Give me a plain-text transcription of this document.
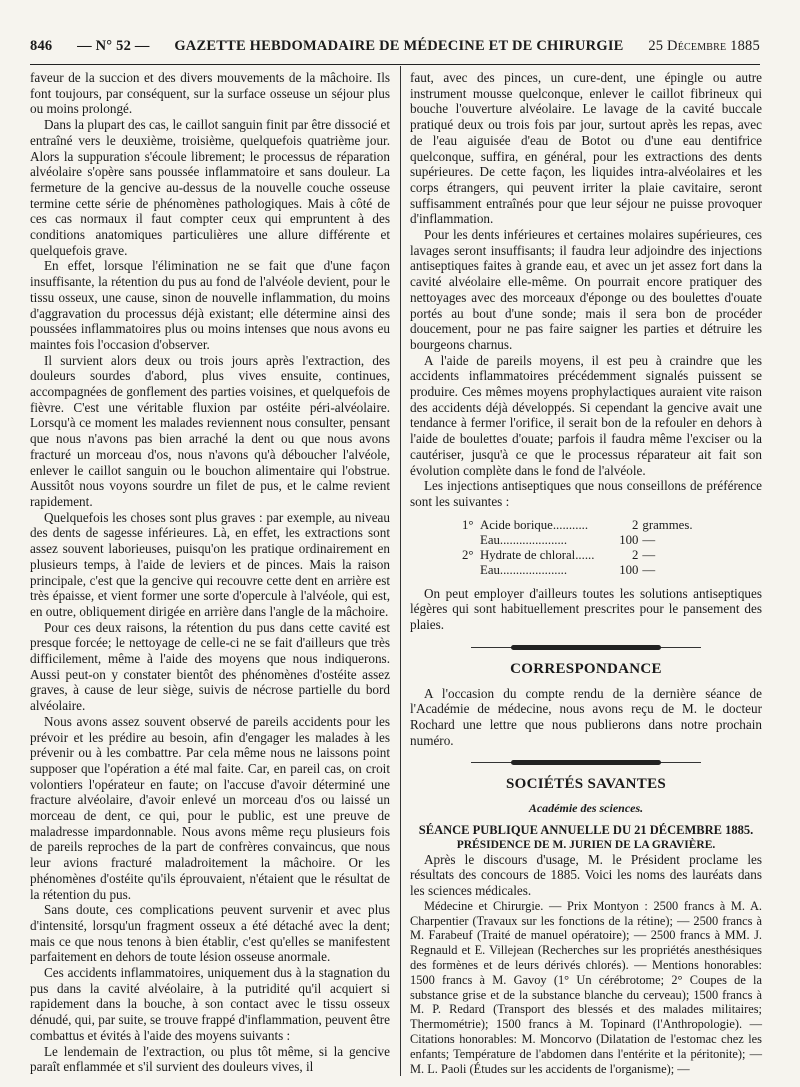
846 — N° 52 — GAZETTE HEBDOMADAIRE DE MÉDECINE ET DE CHIRURGIE 25 Décembre 1885

faveur de la succion et des divers mouvements de la mâchoire. Ils font toujours, par conséquent, sur la surface osseuse un séjour plus ou moins prolongé.

Dans la plupart des cas, le caillot sanguin finit par être dissocié et entraîné vers le deuxième, troisième, quelquefois quatrième jour. Alors la suppuration s'écoule librement; le processus de réparation alvéolaire s'opère sans poussée inflammatoire et sans douleur. La fermeture de la gencive au-dessus de la nouvelle couche osseuse termine cette série de phénomènes pathologiques. Mais à côté de ces cas normaux il faut compter ceux qui empruntent à des conditions anatomiques particulières une allure différente et quelquefois grave.

En effet, lorsque l'élimination ne se fait que d'une façon insuffisante, la rétention du pus au fond de l'alvéole devient, pour le tissu osseux, une cause, sinon de nouvelle inflammation, du moins d'aggravation du processus déjà existant; elle détermine ainsi des poussées inflammatoires plus ou moins intenses que nous avons eu maintes fois l'occasion d'observer.

Il survient alors deux ou trois jours après l'extraction, des douleurs sourdes d'abord, plus vives ensuite, continues, accompagnées de gonflement des parties voisines, et quelquefois de fièvre. C'est une véritable fluxion par ostéite péri-alvéolaire. Lorsqu'à ce moment les malades reviennent nous consulter, pensant que nous n'avons pas bien arraché la dent ou que nous avons fracturé un morceau d'os, nous n'avons qu'à déboucher l'alvéole, enlever le caillot sanguin ou le bouchon alimentaire qui l'obstrue. Aussitôt nous voyons sourdre un filet de pus, et le calme revient rapidement.

Quelquefois les choses sont plus graves : par exemple, au niveau des dents de sagesse inférieures. Là, en effet, les extractions sont assez souvent laborieuses, puisqu'on les pratique ordinairement en plusieurs temps, à l'aide de leviers et de pinces. Mais la raison principale, c'est que la gencive qui recouvre cette dent en arrière est très épaisse, et vient former une sorte d'opercule à l'alvéole, qui est, en outre, obliquement dirigée en arrière dans l'angle de la mâchoire.

Pour ces deux raisons, la rétention du pus dans cette cavité est presque forcée; le nettoyage de celle-ci ne se fait d'ailleurs que très difficilement, même à l'aide des moyens que nous indiquerons. Aussi peut-on y constater bientôt des phénomènes d'ostéite assez graves, à cause de leur siège, suivis de nécrose partielle du bord alvéolaire.

Nous avons assez souvent observé de pareils accidents pour les prévoir et les prédire au besoin, afin d'engager les malades à les prévenir ou à les combattre. Par cela même nous ne laissons point supposer que l'opération a été mal faite. Car, en pareil cas, on croit volontiers l'opérateur en faute; on l'accuse d'avoir déterminé une fracture alvéolaire, d'avoir enlevé un morceau d'os ou laissé un morceau de dent, ce qui, pour le public, est une preuve de maladresse impardonnable. Nous avons même reçu plusieurs fois de pareils reproches de la part de confrères convaincus, que nous leur avions fracturé maladroitement la mâchoire. Or les phénomènes d'ostéite qu'ils éprouvaient, n'étaient que le résultat de la rétention du pus.

Sans doute, ces complications peuvent survenir et avec plus d'intensité, lorsqu'un fragment osseux a été détaché avec la dent; mais ce que nous tenons à bien établir, c'est qu'elles se manifestent parfaitement en dehors de toute lésion osseuse anormale.

Ces accidents inflammatoires, uniquement dus à la stagnation du pus dans la cavité alvéolaire, à la putridité qu'il acquiert si rapidement dans la bouche, à son contact avec le tissu osseux dénudé, qui, par suite, se trouve frappé d'inflammation, peuvent être combattus et évités à l'aide des moyens suivants :

Le lendemain de l'extraction, ou plus tôt même, si la gencive paraît enflammée et s'il survient des douleurs vives, il

faut, avec des pinces, un cure-dent, une épingle ou autre instrument mousse quelconque, enlever le caillot fibrineux qui bouche l'ouverture alvéolaire. Le lavage de la cavité buccale pratiqué deux ou trois fois par jour, surtout après les repas, avec de l'eau aiguisée d'eau de Botot ou d'une eau dentifrice quelconque, suffira, en général, pour les extractions des dents supérieures. De cette façon, les liquides intra-alvéolaires et les corps étrangers, qui peuvent irriter la plaie cavitaire, seront suffisamment entraînés pour que leur séjour ne puisse provoquer d'inflammation.

Pour les dents inférieures et certaines molaires supérieures, ces lavages seront insuffisants; il faudra leur adjoindre des injections antiseptiques faites à grande eau, et avec un jet assez fort dans la cavité alvéolaire elle-même. On pourrait encore pratiquer des nettoyages avec des morceaux d'éponge ou des boulettes d'ouate portés au bout d'une sonde; mais il sera bon de procéder doucement, pour ne pas faire saigner les parties et détruire les bourgeons charnus.

A l'aide de pareils moyens, il est peu à craindre que les accidents inflammatoires précédemment signalés puissent se produire. Ces mêmes moyens prophylactiques auraient vite raison des accidents déjà développés. Si cependant la gencive avait une tendance à fermer l'orifice, il serait bon de la refouler en dehors à l'aide de boulettes d'ouate; parfois il faudra même l'exciser ou la cautériser, jusqu'à ce que le processus réparateur ait fait son évolution complète dans le fond de l'alvéole.

Les injections antiseptiques que nous conseillons de préférence sont les suivantes :

1°	Acide borique...........	2	grammes.
	Eau.....................	100	—
2°	Hydrate de chloral......	2	—
	Eau.....................	100	—

On peut employer d'ailleurs toutes les solutions antiseptiques légères qui sont habituellement prescrites pour le pansement des plaies.

CORRESPONDANCE

A l'occasion du compte rendu de la dernière séance de l'Académie de médecine, nous avons reçu de M. le docteur Rochard une lettre que nous publierons dans notre prochain numéro.

SOCIÉTÉS SAVANTES
Académie des sciences.

SÉANCE PUBLIQUE ANNUELLE DU 21 DÉCEMBRE 1885.

PRÉSIDENCE DE M. JURIEN DE LA GRAVIÈRE.

Après le discours d'usage, M. le Président proclame les résultats des concours de 1885. Voici les noms des lauréats dans les sciences médicales.

Médecine et Chirurgie. — Prix Montyon : 2500 francs à M. A. Charpentier (Travaux sur les fonctions de la rétine); — 2500 francs à M. Farabeuf (Traité de manuel opératoire); — 2500 francs à MM. J. Regnauld et E. Villejean (Recherches sur les propriétés anesthésiques des formènes et de leurs dérivés chlorés). — Mentions honorables: 1500 francs à M. Gavoy (1° Un cérébrotome; 2° Coupes de la substance grise et de la substance blanche du cerveau); 1500 francs à M. P. Redard (Transport des blessés et des malades militaires; Thermométrie); 1500 francs à M. Topinard (l'Anthropologie). — Citations honorables: M. Moncorvo (Dilatation de l'estomac chez les enfants; Température de l'abdomen dans l'entérite et la péritonite); — M. L. Paoli (Études sur les accidents de l'organisme); —
